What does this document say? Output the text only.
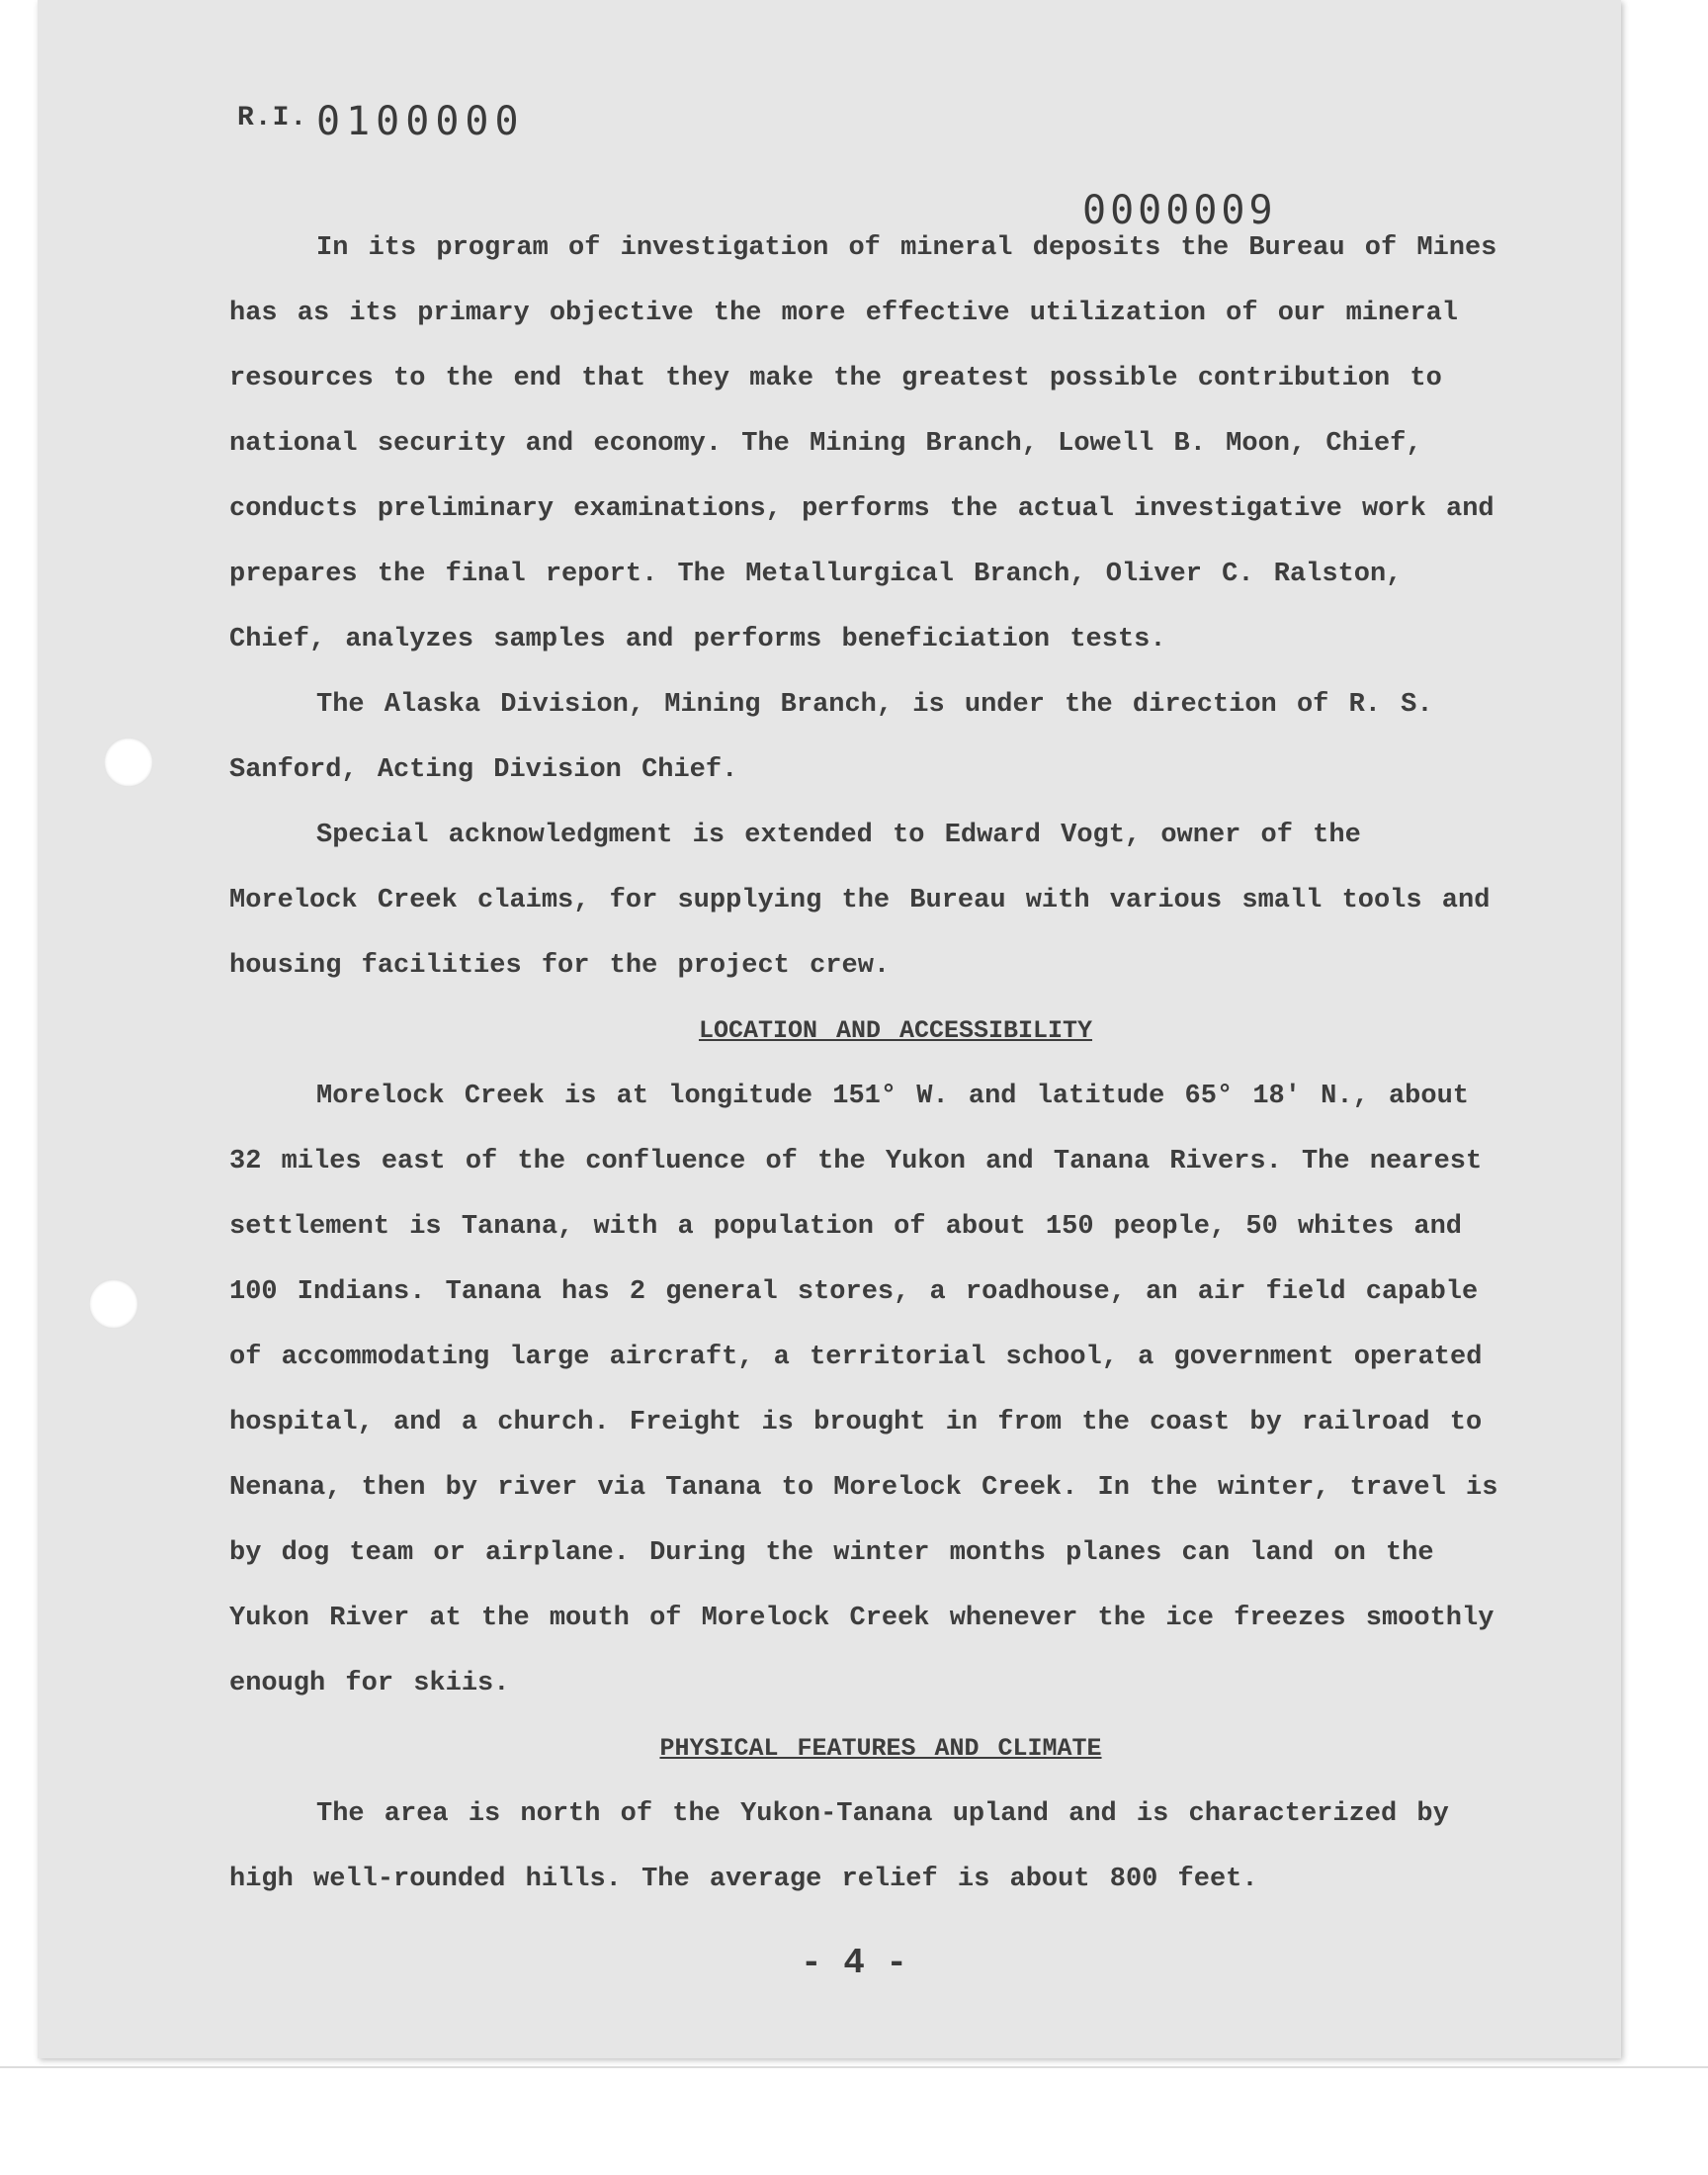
R.I. 0100000
0000009

In its program of investigation of mineral deposits the Bureau of Mines has as its primary objective the more effective utilization of our mineral resources to the end that they make the greatest possible contribution to national security and economy. The Mining Branch, Lowell B. Moon, Chief, conducts preliminary examinations, performs the actual investigative work and prepares the final report. The Metallurgical Branch, Oliver C. Ralston, Chief, analyzes samples and performs beneficiation tests.

The Alaska Division, Mining Branch, is under the direction of R. S. Sanford, Acting Division Chief.

Special acknowledgment is extended to Edward Vogt, owner of the Morelock Creek claims, for supplying the Bureau with various small tools and housing facilities for the project crew.

LOCATION AND ACCESSIBILITY

Morelock Creek is at longitude 151° W. and latitude 65° 18' N., about 32 miles east of the confluence of the Yukon and Tanana Rivers. The nearest settlement is Tanana, with a population of about 150 people, 50 whites and 100 Indians. Tanana has 2 general stores, a roadhouse, an air field capable of accommodating large aircraft, a territorial school, a government operated hospital, and a church. Freight is brought in from the coast by railroad to Nenana, then by river via Tanana to Morelock Creek. In the winter, travel is by dog team or airplane. During the winter months planes can land on the Yukon River at the mouth of Morelock Creek whenever the ice freezes smoothly enough for skiis.

PHYSICAL FEATURES AND CLIMATE

The area is north of the Yukon-Tanana upland and is characterized by high well-rounded hills. The average relief is about 800 feet.

- 4 -
